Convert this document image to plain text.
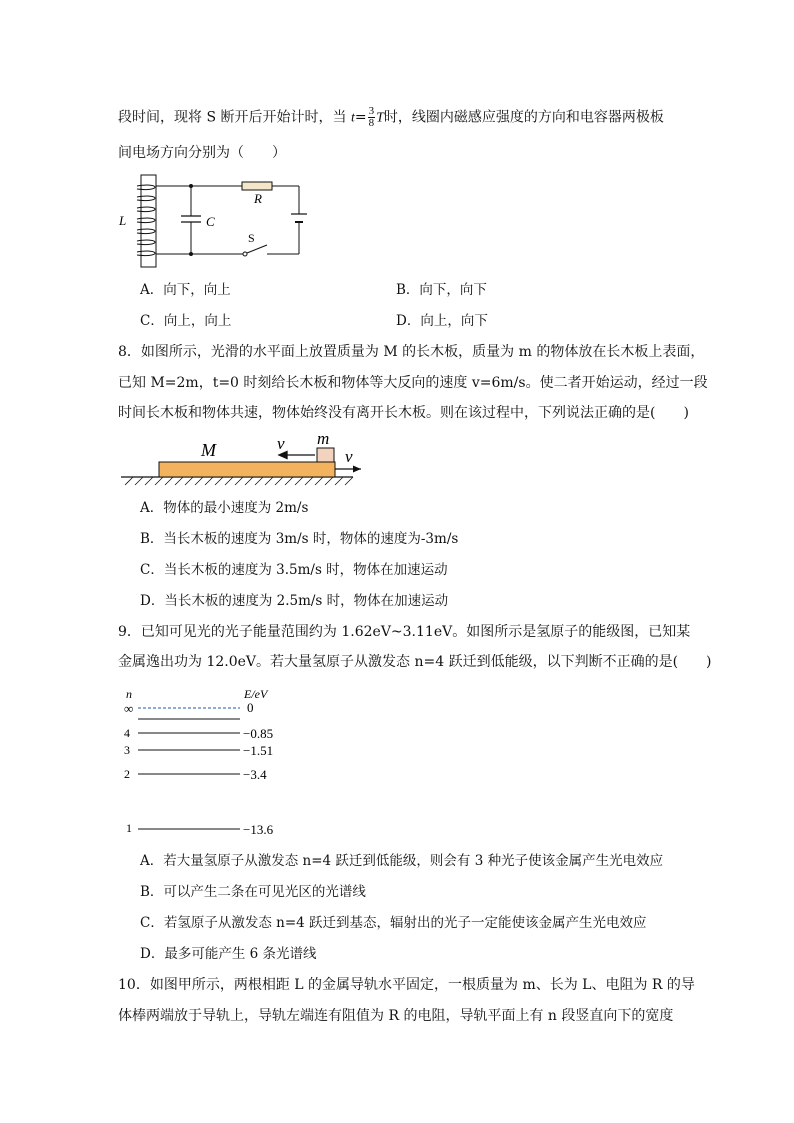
段时间，现将 S 断开后开始计时，当 $t= \frac{3}{8}$ T时，线圈内磁感应强度的方向和电容器两极板
间电场方向分别为（　　）
L	C
R
S
A．向下，向上	B．向下，向下
C．向上，向上	D．向上，向下
8．如图所示，光滑的水平面上放置质量为 M 的长木板，质量为 m 的物体放在长木板上表面，
已知 M=2m，t=0 时刻给长木板和物体等大反向的速度 v=6m/s。使二者开始运动，经过一段
时间长木板和物体共速，物体始终没有离开长木板。则在该过程中，下列说法正确的是(　　)
M
m
v
v
A．物体的最小速度为 2m/s
B．当长木板的速度为 3m/s 时，物体的速度为-3m/s
C．当长木板的速度为 3.5m/s 时，物体在加速运动
D．当长木板的速度为 2.5m/s 时，物体在加速运动
9．已知可见光的光子能量范围约为 1.62eV~3.11eV。如图所示是氢原子的能级图，已知某
金属逸出功为 12.0eV。若大量氢原子从激发态 n=4 跃迁到低能级，以下判断不正确的是(　　)
n	E/eV
∞	0
4	−0.85
3	−1.51
2	−3.4
1	−13.6
A．若大量氢原子从激发态 n=4 跃迁到低能级，则会有 3 种光子使该金属产生光电效应
B．可以产生二条在可见光区的光谱线
C．若氢原子从激发态 n=4 跃迁到基态，辐射出的光子一定能使该金属产生光电效应
D．最多可能产生 6 条光谱线
10．如图甲所示，两根相距 L 的金属导轨水平固定，一根质量为 m、长为 L、电阻为 R 的导
体棒两端放于导轨上，导轨左端连有阻值为 R 的电阻，导轨平面上有 n 段竖直向下的宽度
